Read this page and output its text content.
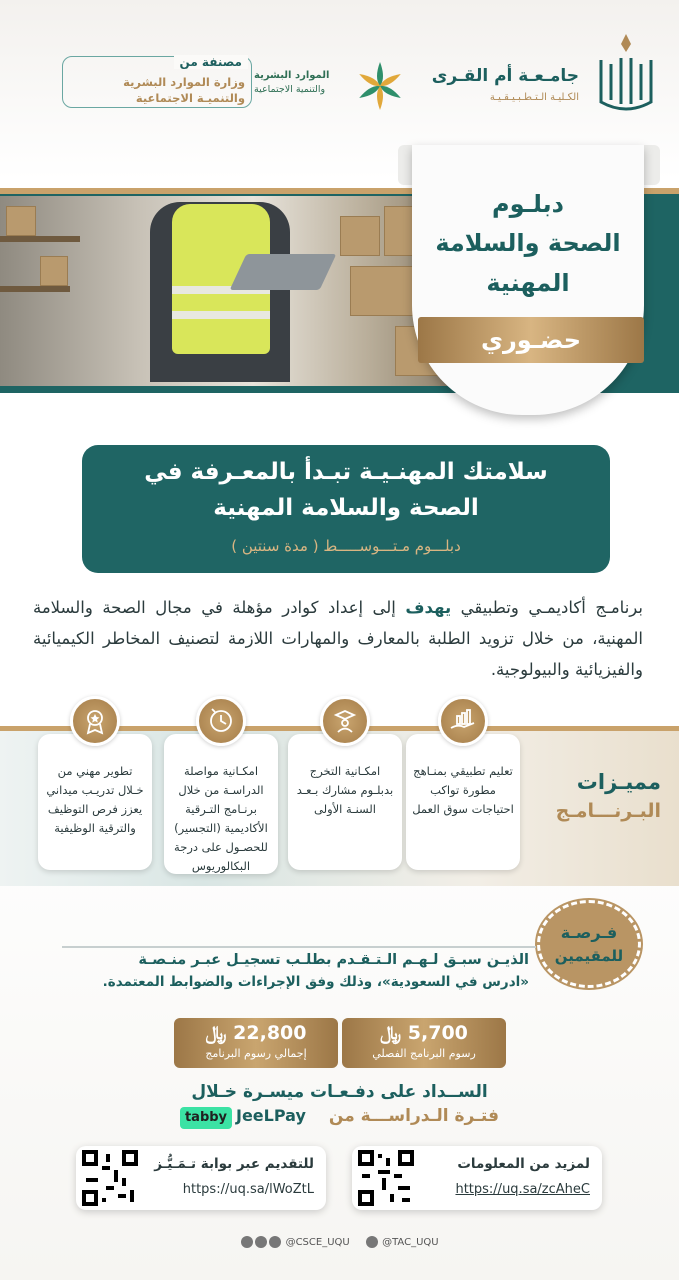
جامـعـة أم القـرى
الكـليـة الـتـطـبـيـقـيـة
مصنفة من
وزارة الموارد البشرية
والتنميـة الاجتماعية
الموارد البشرية
والتنمية الاجتماعية
دبلـوم
الصحة والسلامة
المهنية
حضـوري
سلامتك المهنـيـة تبـدأ بالمعـرفة في
الصحة والسلامة المهنية
دبلـــوم مـتـــوســـــط ( مدة سنتين )
برنامـج أكاديمـي وتطبيقي يهدف إلى إعداد كوادر مؤهلة في مجال الصحة والسلامة المهنية، من خلال تزويد الطلبة بالمعارف والمهارات اللازمة لتصنيف المخاطر الكيميائية والفيزيائية والبيولوجية.
مميـزات
البـرنـــامـج
تعليم تطبيقي بمنـاهج مطورة تواكب احتياجات سوق العمل
امكـانية التخرج بدبلـوم مشارك بـعـد السنـة الأولى
امكـانية مواصلة الدراسـة من خلال برنـامج التـرقية الأكاديمية (التجسير) للحصـول على درجة البكالوريوس
تطوير مهني من خـلال تدريـب ميداني يعزز فرص التوظيف والترقية الوظيفية
فـرصـة
للمقيمين
الذيـن سبـق لـهـم الـتـقـدم بطلـب تسجيـل عبـر منـصـة
«ادرس في السعودية»، وذلك وفق الإجراءات والضوابط المعتمدة.
5,700 ﷼
رسوم البرنامج الفصلي
22,800 ﷼
إجمالي رسوم البرنامج
الســداد على دفـعـات ميسـرة خـلال
فتـرة الـدراســـة من
JeeLPay
tabby
لمزيد من المعلومات
https://uq.sa/zcAheC
للتقديم عبر بوابة تـمَـيُّـز
https://uq.sa/lWoZtL
@TAC_UQU  @CSCE_UQU
